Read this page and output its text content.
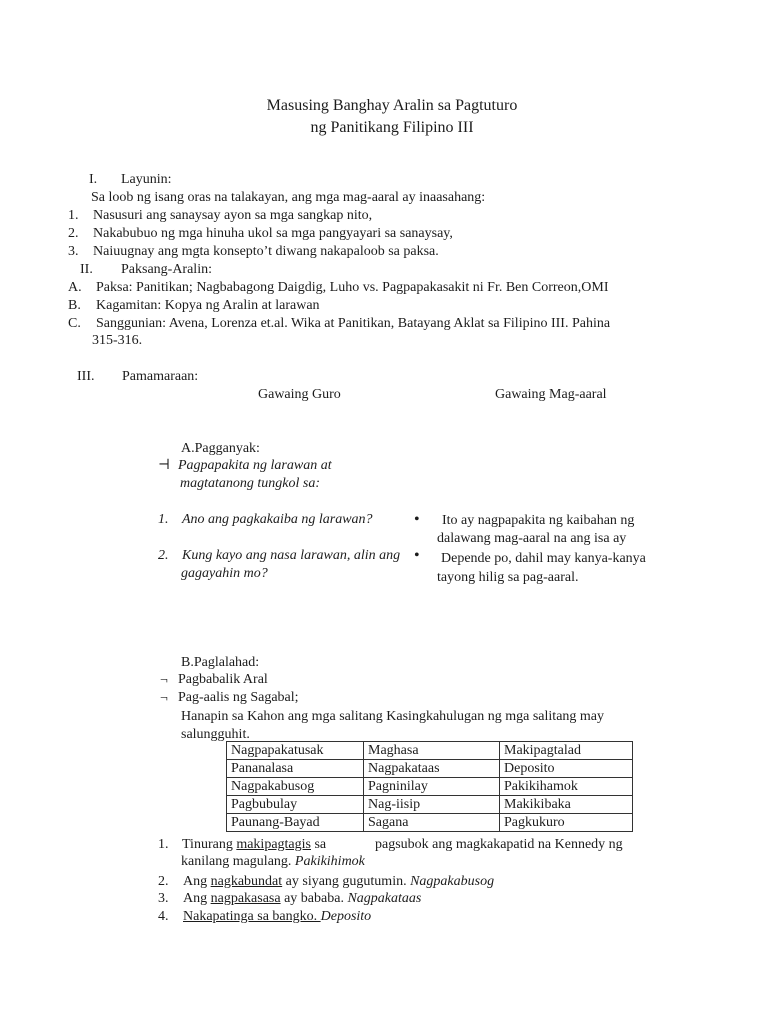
Masusing Banghay Aralin sa Pagtuturo
ng Panitikang Filipino III
I. Layunin:
Sa loob ng isang oras na talakayan, ang mga mag-aaral ay inaasahang:
1. Nasusuri ang sanaysay ayon sa mga sangkap nito,
2. Nakabubuo ng mga hinuha ukol sa mga pangyayari sa sanaysay,
3. Naiuugnay ang mgta konsepto’t diwang nakapaloob sa paksa.
II. Paksang-Aralin:
A. Paksa: Panitikan; Nagbabagong Daigdig, Luho vs. Pagpapakasakit ni Fr. Ben Correon,OMI
B. Kagamitan: Kopya ng Aralin at larawan
C. Sanggunian: Avena, Lorenza et.al. Wika at Panitikan, Batayang Aklat sa Filipino III. Pahina
315-316.
III. Pamamaraan:
Gawaing Guro	Gawaing Mag-aaral
A.Pagganyak:
⊣ Pagpapakita ng larawan at
magtatanong tungkol sa:
1. Ano ang pagkakaiba ng larawan?
2. Kung kayo ang nasa larawan, alin ang
gagayahin mo?
• Ito ay nagpapakita ng kaibahan ng
dalawang mag-aaral na ang isa ay
• Depende po, dahil may kanya-kanya
tayong hilig sa pag-aaral.
B.Paglalahad:
¬ Pagbabalik Aral
¬ Pag-aalis ng Sagabal;
Hanapin sa Kahon ang mga salitang Kasingkahulugan ng mga salitang may
salungguhit.
Nagpapakatusak	Maghasa	Makipagtalad
Pananalasa	Nagpakataas	Deposito
Nagpakabusog	Pagninilay	Pakikihamok
Pagbubulay	Nag-iisip	Makikibaka
Paunang-Bayad	Sagana	Pagkukuro
1. Tinurang makipagtagis sa	pagsubok ang magkakapatid na Kennedy ng
kanilang magulang. Pakikihimok
2. Ang nagkabundat ay siyang gugutumin. Nagpakabusog
3. Ang nagpakasasa ay bababa. Nagpakataas
4. Nakapatinga sa bangko. Deposito
